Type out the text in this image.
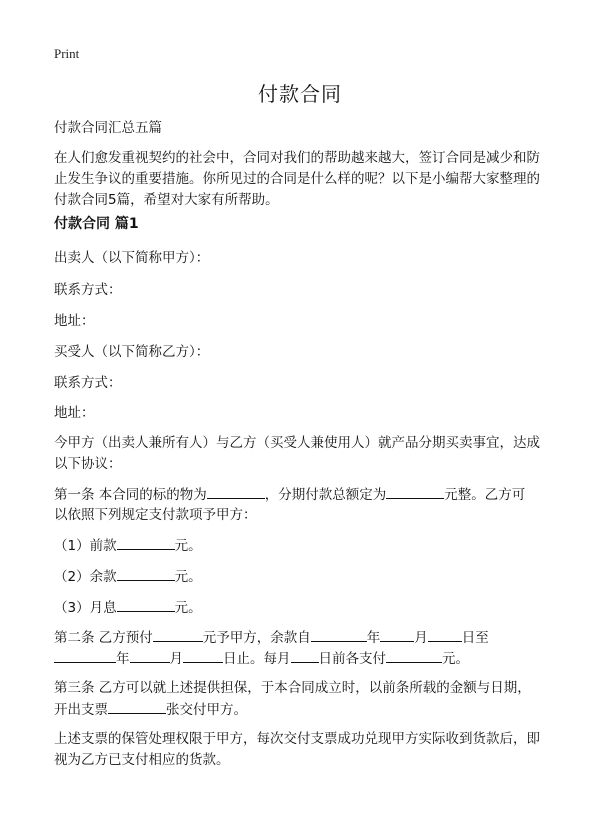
Print
付款合同
付款合同汇总五篇
在人们愈发重视契约的社会中，合同对我们的帮助越来越大，签订合同是减少和防止发生争议的重要措施。你所见过的合同是什么样的呢？以下是小编帮大家整理的付款合同5篇，希望对大家有所帮助。
付款合同 篇1
出卖人（以下简称甲方）：
联系方式：
地址：
买受人（以下简称乙方）：
联系方式：
地址：
今甲方（出卖人兼所有人）与乙方（买受人兼使用人）就产品分期买卖事宜，达成
以下协议：
第一条 本合同的标的物为	，分期付款总额定为	元整。乙方可
以依照下列规定支付款项予甲方：
（1）前款	元。
（2）余款	元。
（3）月息	元。
第二条 乙方预付	元予甲方，余款自	年	月	日至
年	月	日止。每月 日前各支付	元。
第三条 乙方可以就上述提供担保，于本合同成立时，以前条所载的金额与日期，
开出支票	张交付甲方。
上述支票的保管处理权限于甲方，每次交付支票成功兑现甲方实际收到货款后，即视为乙方已支付相应的货款。
